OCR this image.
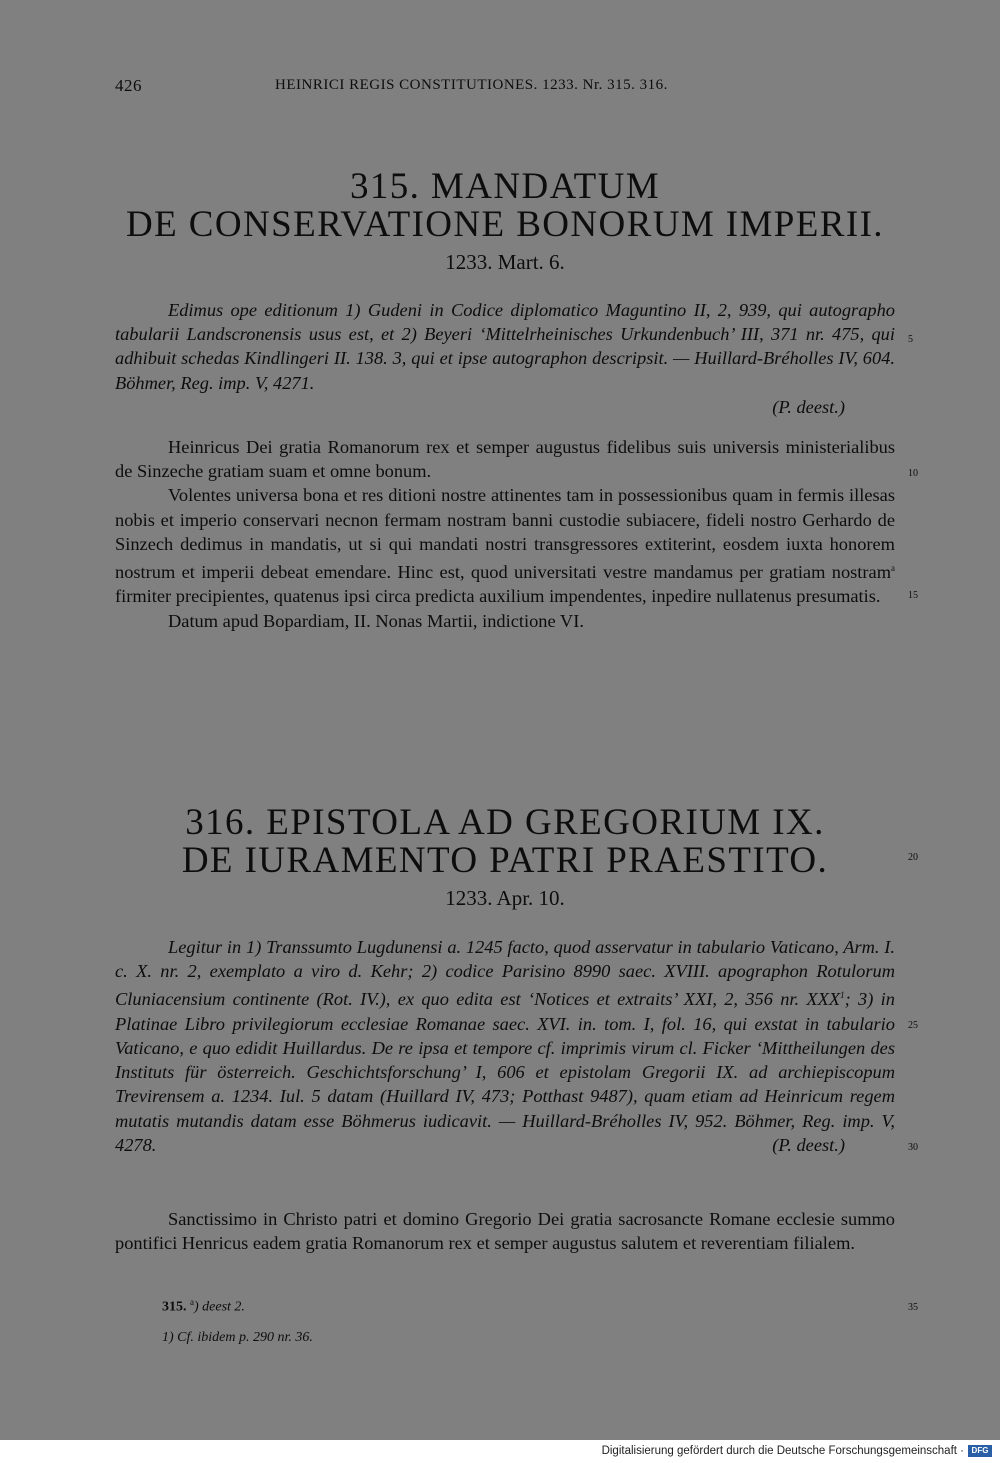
426	HEINRICI REGIS CONSTITUTIONES. 1233. Nr. 315. 316.
315. MANDATUM
DE CONSERVATIONE BONORUM IMPERII.
1233. Mart. 6.

Edimus ope editionum 1) Gudeni in Codice diplomatico Maguntino II, 2, 939, qui autographo tabularii Landscronensis usus est, et 2) Beyeri ‘Mittelrheinisches Urkundenbuch’ III, 371 nr. 475, qui adhibuit schedas Kindlingeri II. 138. 3, qui et ipse autographon descripsit. — Huillard-Bréholles IV, 604. Böhmer, Reg. imp. V, 4271.

(P. deest.)

Heinricus Dei gratia Romanorum rex et semper augustus fidelibus suis universis ministerialibus de Sinzeche gratiam suam et omne bonum.

Volentes universa bona et res ditioni nostre attinentes tam in possessionibus quam in fermis illesas nobis et imperio conservari necnon fermam nostram banni custodie subiacere, fideli nostro Gerhardo de Sinzech dedimus in mandatis, ut si qui mandati nostri transgressores extiterint, eosdem iuxta honorem nostrum et imperii debeat emendare. Hinc est, quod universitati vestre mandamus per gratiam nostram$^a$ firmiter precipientes, quatenus ipsi circa predicta auxilium impendentes, inpedire nullatenus presumatis.

Datum apud Bopardiam, II. Nonas Martii, indictione VI.

316. EPISTOLA AD GREGORIUM IX.
DE IURAMENTO PATRI PRAESTITO.
1233. Apr. 10.

Legitur in 1) Transsumto Lugdunensi a. 1245 facto, quod asservatur in tabulario Vaticano, Arm. I. c. X. nr. 2, exemplato a viro d. Kehr; 2) codice Parisino 8990 saec. XVIII. apographon Rotulorum Cluniacensium continente (Rot. IV.), ex quo edita est ‘Notices et extraits’ XXI, 2, 356 nr. XXX$^1$; 3) in Platinae Libro privilegiorum ecclesiae Romanae saec. XVI. in. tom. I, fol. 16, qui exstat in tabulario Vaticano, e quo edidit Huillardus. De re ipsa et tempore cf. imprimis virum cl. Ficker ‘Mittheilungen des Instituts für österreich. Geschichtsforschung’ I, 606 et epistolam Gregorii IX. ad archiepiscopum Trevirensem a. 1234. Iul. 5 datam (Huillard IV, 473; Potthast 9487), quam etiam ad Heinricum regem mutatis mutandis datam esse Böhmerus iudicavit. — Huillard-Bréholles IV, 952. Böhmer, Reg. imp. V, 4278.	(P. deest.)

Sanctissimo in Christo patri et domino Gregorio Dei gratia sacrosancte Romane ecclesie summo pontifici Henricus eadem gratia Romanorum rex et semper augustus salutem et reverentiam filialem.

315. $^a$) deest 2.
1) Cf. ibidem p. 290 nr. 36.
5
10
15
20
25
30
35
Digitalisierung gefördert durch die Deutsche Forschungsgemeinschaft · DFG
